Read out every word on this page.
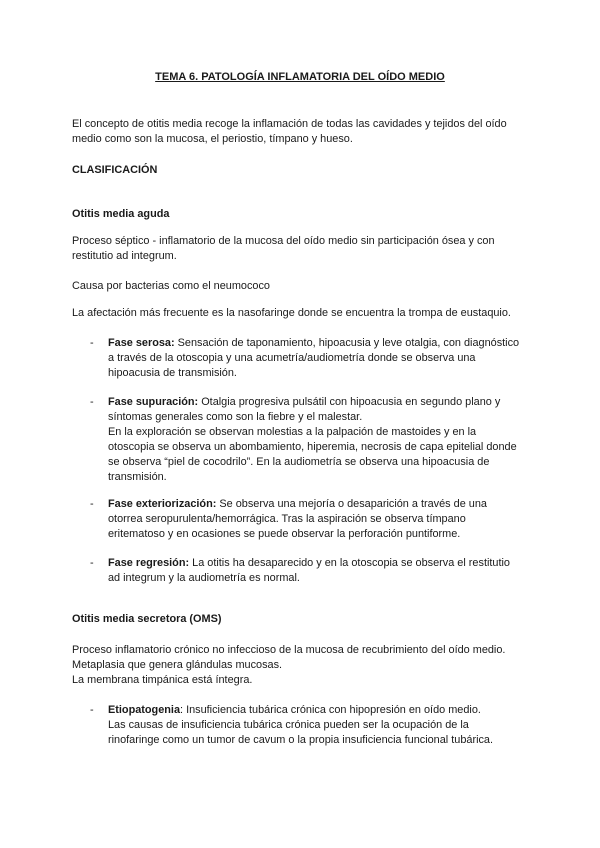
TEMA 6. PATOLOGÍA INFLAMATORIA DEL OÍDO MEDIO
El concepto de otitis media recoge la inflamación de todas las cavidades y tejidos del oído
medio como son la mucosa, el periostio, tímpano y hueso.
CLASIFICACIÓN
Otitis media aguda
Proceso séptico - inflamatorio de la mucosa del oído medio sin participación ósea y con
restitutio ad integrum.
Causa por bacterias como el neumococo
La afectación más frecuente es la nasofaringe donde se encuentra la trompa de eustaquio.
- Fase serosa: Sensación de taponamiento, hipoacusia y leve otalgia, con diagnóstico
a través de la otoscopia y una acumetría/audiometría donde se observa una
hipoacusia de transmisión.
- Fase supuración: Otalgia progresiva pulsátil con hipoacusia en segundo plano y
síntomas generales como son la fiebre y el malestar.
En la exploración se observan molestias a la palpación de mastoides y en la
otoscopia se observa un abombamiento, hiperemia, necrosis de capa epitelial donde
se observa “piel de cocodrilo”. En la audiometría se observa una hipoacusia de
transmisión.
- Fase exteriorización: Se observa una mejoría o desaparición a través de una
otorrea seropurulenta/hemorrágica. Tras la aspiración se observa tímpano
eritematoso y en ocasiones se puede observar la perforación puntiforme.
- Fase regresión: La otitis ha desaparecido y en la otoscopia se observa el restitutio
ad integrum y la audiometría es normal.
Otitis media secretora (OMS)
Proceso inflamatorio crónico no infeccioso de la mucosa de recubrimiento del oído medio.
Metaplasia que genera glándulas mucosas.
La membrana timpánica está íntegra.
- Etiopatogenia: Insuficiencia tubárica crónica con hipopresión en oído medio.
Las causas de insuficiencia tubárica crónica pueden ser la ocupación de la
rinofaringe como un tumor de cavum o la propia insuficiencia funcional tubárica.
